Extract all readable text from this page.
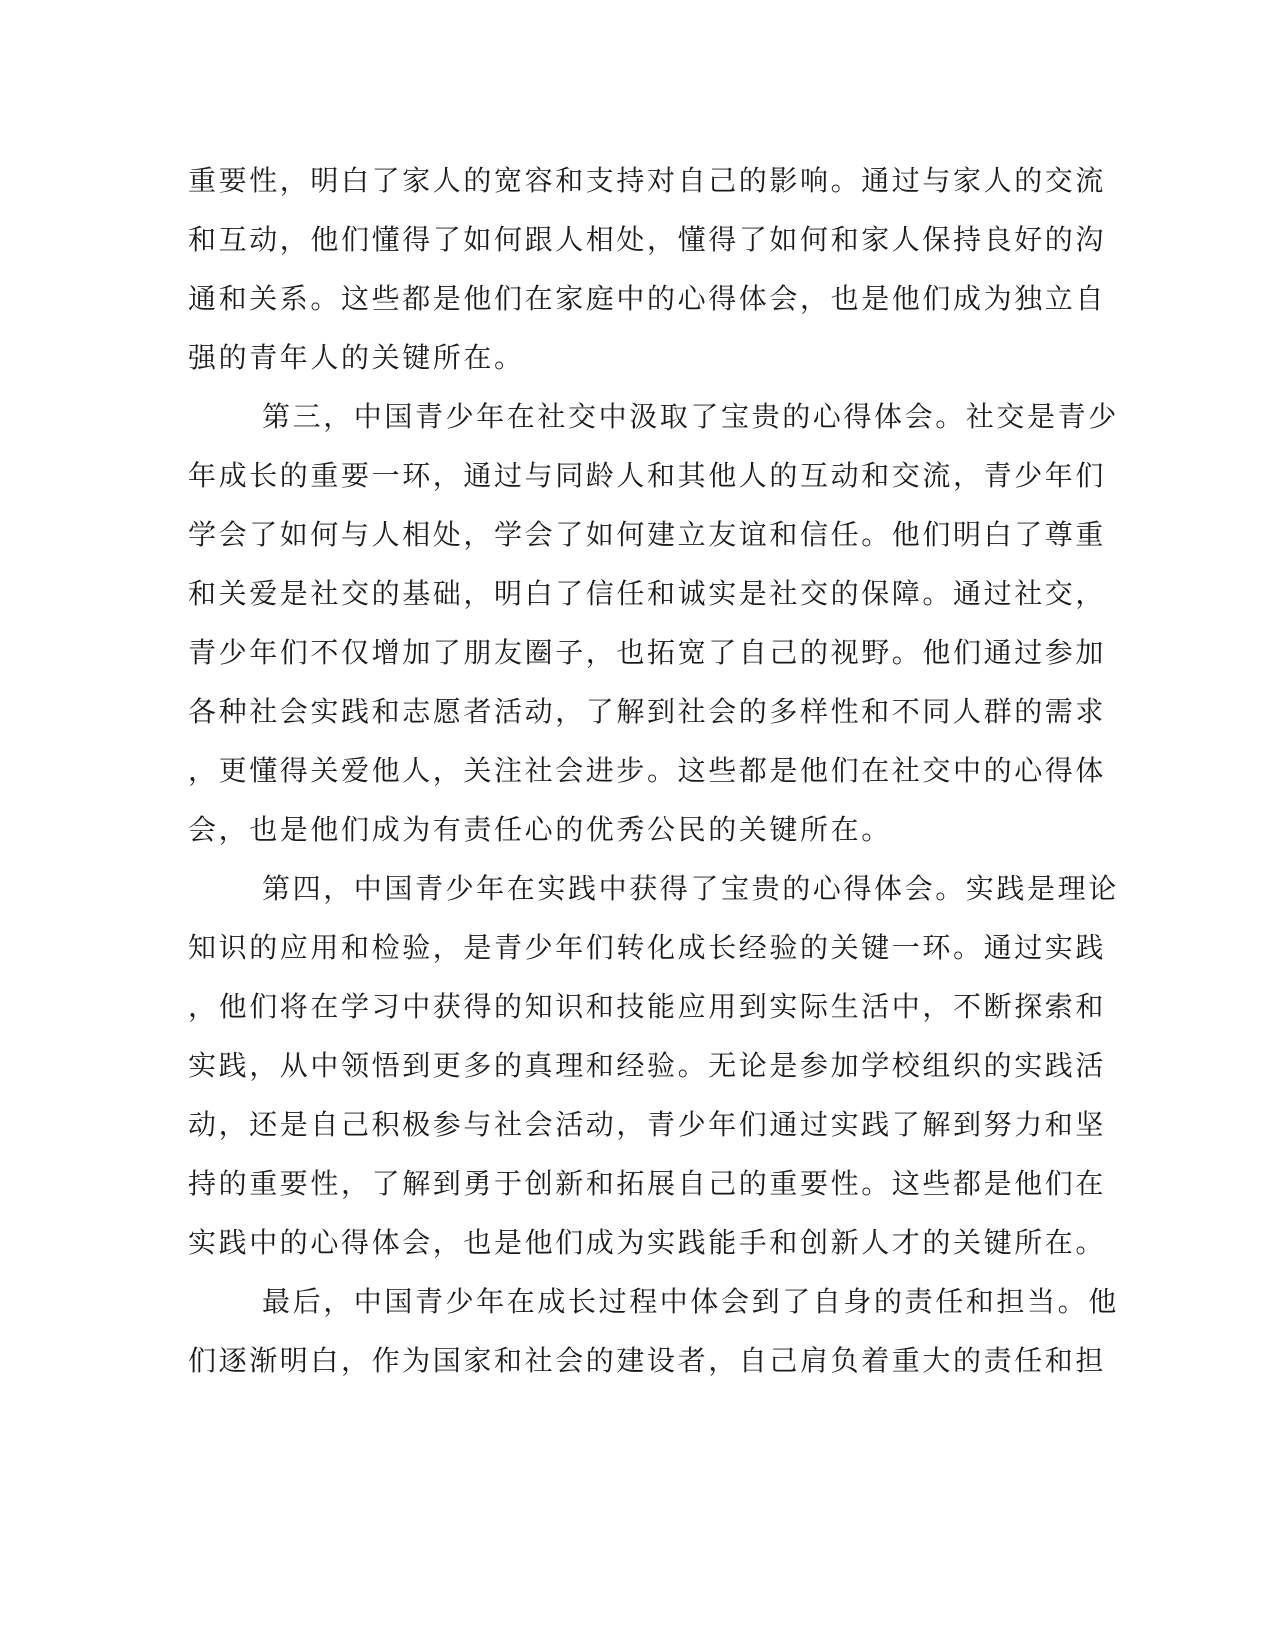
重要性，明白了家人的宽容和支持对自己的影响。通过与家人的交流
和互动，他们懂得了如何跟人相处，懂得了如何和家人保持良好的沟
通和关系。这些都是他们在家庭中的心得体会，也是他们成为独立自
强的青年人的关键所在。
第三，中国青少年在社交中汲取了宝贵的心得体会。社交是青少
年成长的重要一环，通过与同龄人和其他人的互动和交流，青少年们
学会了如何与人相处，学会了如何建立友谊和信任。他们明白了尊重
和关爱是社交的基础，明白了信任和诚实是社交的保障。通过社交，
青少年们不仅增加了朋友圈子，也拓宽了自己的视野。他们通过参加
各种社会实践和志愿者活动，了解到社会的多样性和不同人群的需求
，更懂得关爱他人，关注社会进步。这些都是他们在社交中的心得体
会，也是他们成为有责任心的优秀公民的关键所在。
第四，中国青少年在实践中获得了宝贵的心得体会。实践是理论
知识的应用和检验，是青少年们转化成长经验的关键一环。通过实践
，他们将在学习中获得的知识和技能应用到实际生活中，不断探索和
实践，从中领悟到更多的真理和经验。无论是参加学校组织的实践活
动，还是自己积极参与社会活动，青少年们通过实践了解到努力和坚
持的重要性，了解到勇于创新和拓展自己的重要性。这些都是他们在
实践中的心得体会，也是他们成为实践能手和创新人才的关键所在。
最后，中国青少年在成长过程中体会到了自身的责任和担当。他
们逐渐明白，作为国家和社会的建设者，自己肩负着重大的责任和担
